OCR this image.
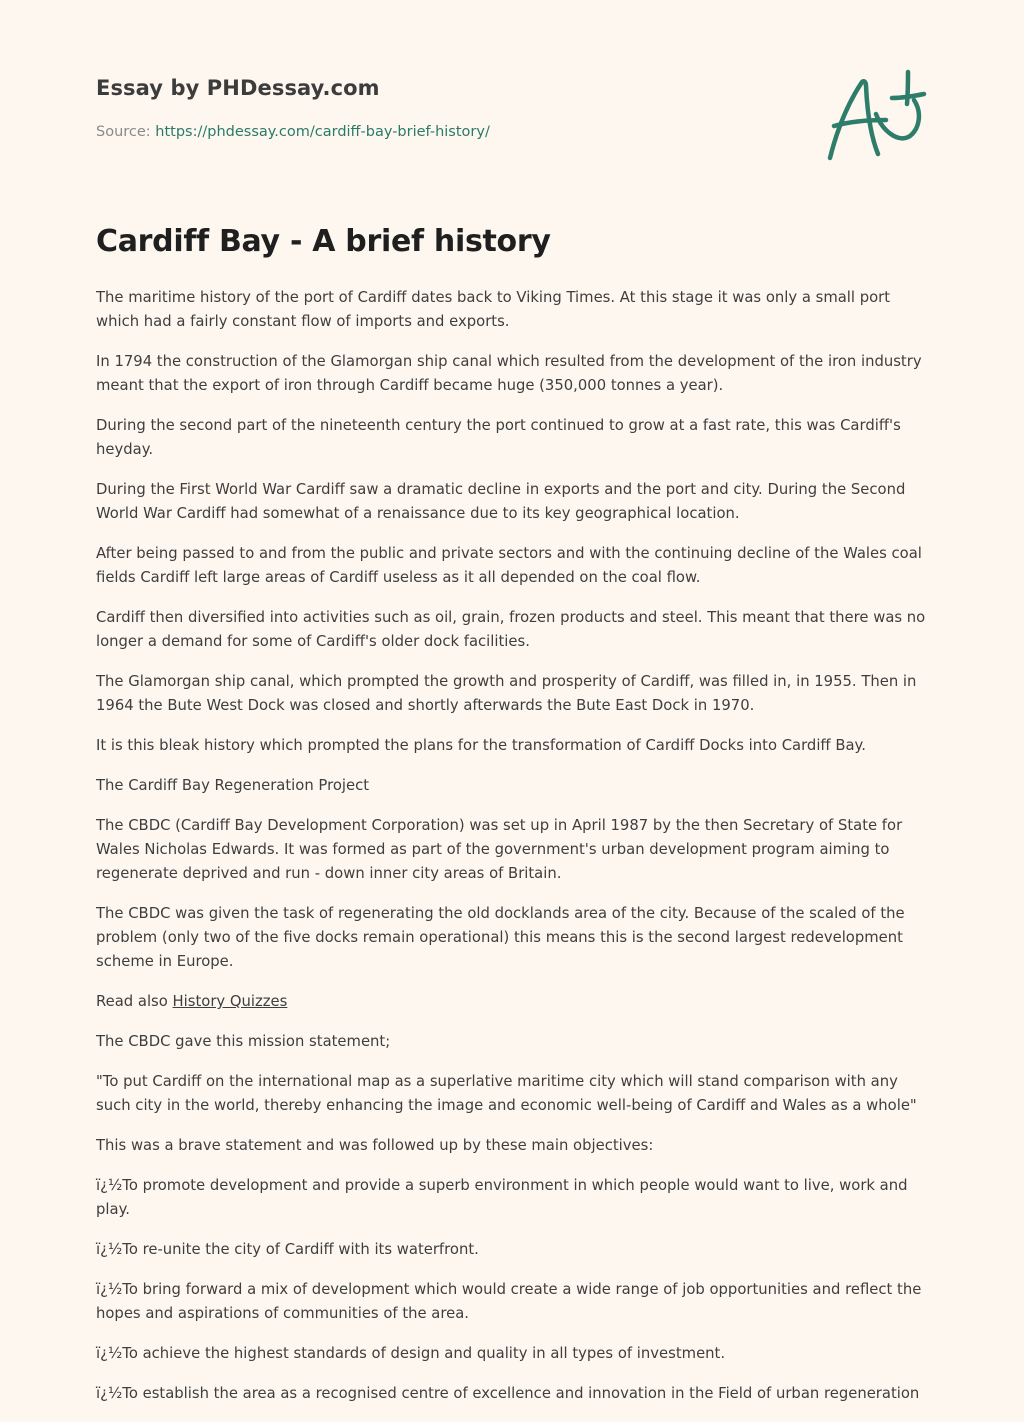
Essay by PHDessay.com

Source: https://phdessay.com/cardiff-bay-brief-history/

Cardiff Bay - A brief history

The maritime history of the port of Cardiff dates back to Viking Times. At this stage it was only a small port which had a fairly constant flow of imports and exports.

In 1794 the construction of the Glamorgan ship canal which resulted from the development of the iron industry meant that the export of iron through Cardiff became huge (350,000 tonnes a year).

During the second part of the nineteenth century the port continued to grow at a fast rate, this was Cardiff's heyday.

During the First World War Cardiff saw a dramatic decline in exports and the port and city. During the Second World War Cardiff had somewhat of a renaissance due to its key geographical location.

After being passed to and from the public and private sectors and with the continuing decline of the Wales coal fields Cardiff left large areas of Cardiff useless as it all depended on the coal flow.

Cardiff then diversified into activities such as oil, grain, frozen products and steel. This meant that there was no longer a demand for some of Cardiff's older dock facilities.

The Glamorgan ship canal, which prompted the growth and prosperity of Cardiff, was filled in, in 1955. Then in 1964 the Bute West Dock was closed and shortly afterwards the Bute East Dock in 1970.

It is this bleak history which prompted the plans for the transformation of Cardiff Docks into Cardiff Bay.

The Cardiff Bay Regeneration Project

The CBDC (Cardiff Bay Development Corporation) was set up in April 1987 by the then Secretary of State for Wales Nicholas Edwards. It was formed as part of the government's urban development program aiming to regenerate deprived and run - down inner city areas of Britain.

The CBDC was given the task of regenerating the old docklands area of the city. Because of the scaled of the problem (only two of the five docks remain operational) this means this is the second largest redevelopment scheme in Europe.

Read also History Quizzes

The CBDC gave this mission statement;

"To put Cardiff on the international map as a superlative maritime city which will stand comparison with any such city in the world, thereby enhancing the image and economic well-being of Cardiff and Wales as a whole"

This was a brave statement and was followed up by these main objectives:

ï¿½To promote development and provide a superb environment in which people would want to live, work and play.

ï¿½To re-unite the city of Cardiff with its waterfront.

ï¿½To bring forward a mix of development which would create a wide range of job opportunities and reflect the hopes and aspirations of communities of the area.

ï¿½To achieve the highest standards of design and quality in all types of investment.

ï¿½To establish the area as a recognised centre of excellence and innovation in the Field of urban regeneration
